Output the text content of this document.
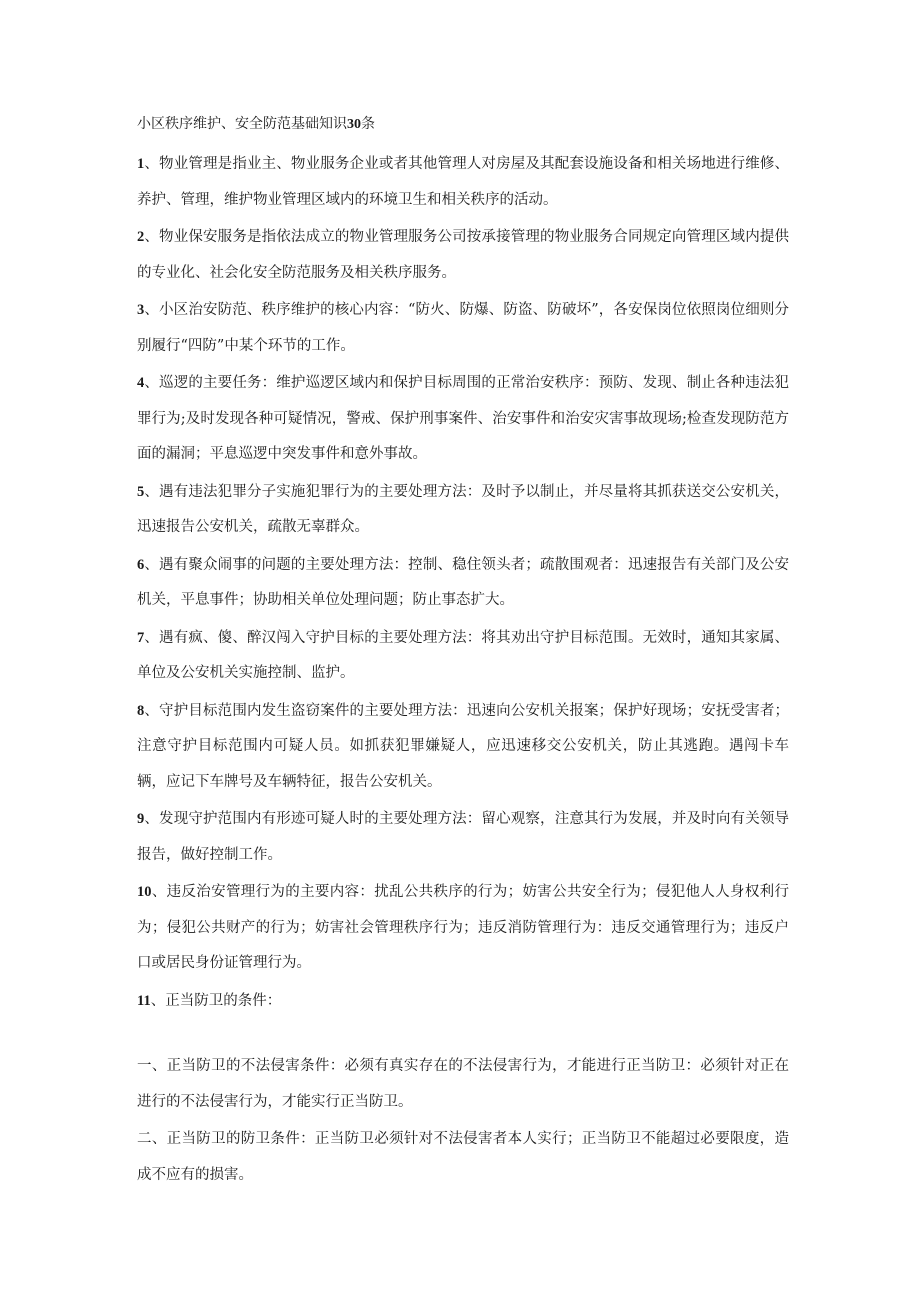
小区秩序维护、安全防范基础知识30条

1、物业管理是指业主、物业服务企业或者其他管理人对房屋及其配套设施设备和相关场地进行维修、养护、管理，维护物业管理区域内的环境卫生和相关秩序的活动。

2、物业保安服务是指依法成立的物业管理服务公司按承接管理的物业服务合同规定向管理区域内提供的专业化、社会化安全防范服务及相关秩序服务。

3、小区治安防范、秩序维护的核心内容：“防火、防爆、防盗、防破坏”，各安保岗位依照岗位细则分别履行“四防”中某个环节的工作。

4、巡逻的主要任务：维护巡逻区域内和保护目标周围的正常治安秩序：预防、发现、制止各种违法犯罪行为;及时发现各种可疑情况，警戒、保护刑事案件、治安事件和治安灾害事故现场;检查发现防范方面的漏洞；平息巡逻中突发事件和意外事故。

5、遇有违法犯罪分子实施犯罪行为的主要处理方法：及时予以制止，并尽量将其抓获送交公安机关，迅速报告公安机关，疏散无辜群众。

6、遇有聚众闹事的问题的主要处理方法：控制、稳住领头者；疏散围观者：迅速报告有关部门及公安机关，平息事件；协助相关单位处理问题；防止事态扩大。

7、遇有疯、傻、醉汉闯入守护目标的主要处理方法：将其劝出守护目标范围。无效时，通知其家属、单位及公安机关实施控制、监护。

8、守护目标范围内发生盗窃案件的主要处理方法：迅速向公安机关报案；保护好现场；安抚受害者；注意守护目标范围内可疑人员。如抓获犯罪嫌疑人，应迅速移交公安机关，防止其逃跑。遇闯卡车辆，应记下车牌号及车辆特征，报告公安机关。

9、发现守护范围内有形迹可疑人时的主要处理方法：留心观察，注意其行为发展，并及时向有关领导报告，做好控制工作。

10、违反治安管理行为的主要内容：扰乱公共秩序的行为；妨害公共安全行为；侵犯他人人身权利行为；侵犯公共财产的行为；妨害社会管理秩序行为；违反消防管理行为：违反交通管理行为；违反户口或居民身份证管理行为。

11、正当防卫的条件：

一、正当防卫的不法侵害条件：必须有真实存在的不法侵害行为，才能进行正当防卫：必须针对正在进行的不法侵害行为，才能实行正当防卫。

二、正当防卫的防卫条件：正当防卫必须针对不法侵害者本人实行；正当防卫不能超过必要限度，造成不应有的损害。
